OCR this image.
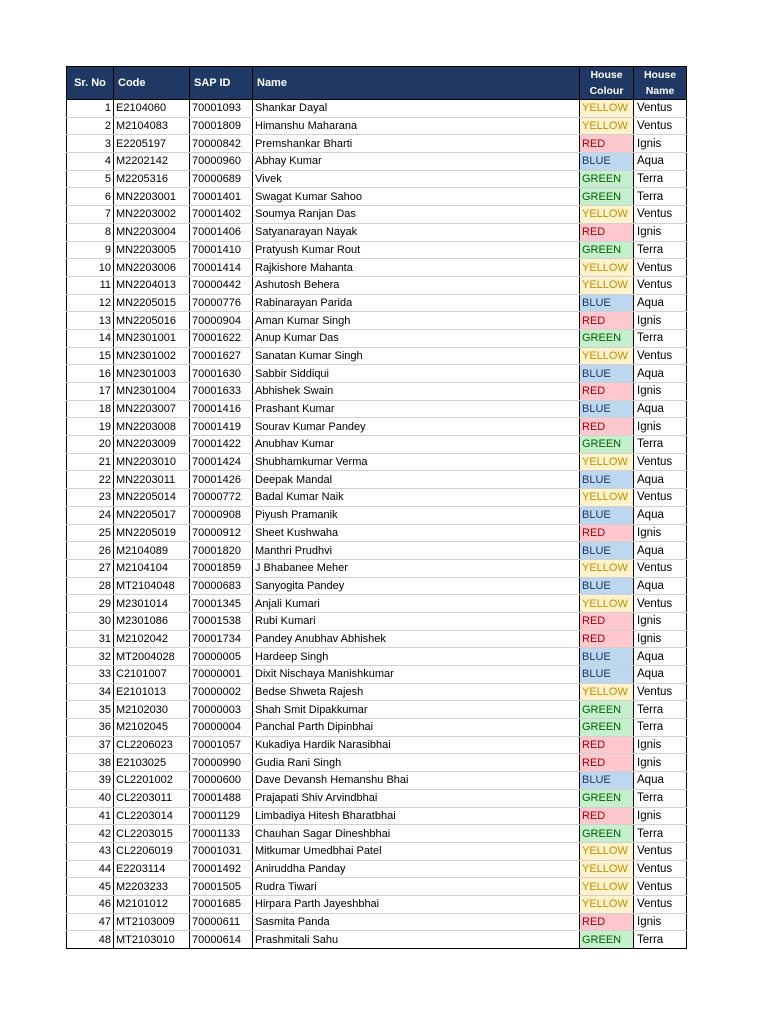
Sr. No	Code	SAP ID	Name	House Colour	House Name
1	E2104060	70001093	Shankar Dayal	YELLOW	Ventus
2	M2104083	70001809	Himanshu Maharana	YELLOW	Ventus
3	E2205197	70000842	Premshankar Bharti	RED	Ignis
4	M2202142	70000960	Abhay Kumar	BLUE	Aqua
5	M2205316	70000689	Vivek	GREEN	Terra
6	MN2203001	70001401	Swagat Kumar Sahoo	GREEN	Terra
7	MN2203002	70001402	Soumya Ranjan Das	YELLOW	Ventus
8	MN2203004	70001406	Satyanarayan Nayak	RED	Ignis
9	MN2203005	70001410	Pratyush Kumar Rout	GREEN	Terra
10	MN2203006	70001414	Rajkishore Mahanta	YELLOW	Ventus
11	MN2204013	70000442	Ashutosh Behera	YELLOW	Ventus
12	MN2205015	70000776	Rabinarayan Parida	BLUE	Aqua
13	MN2205016	70000904	Aman Kumar Singh	RED	Ignis
14	MN2301001	70001622	Anup Kumar Das	GREEN	Terra
15	MN2301002	70001627	Sanatan Kumar Singh	YELLOW	Ventus
16	MN2301003	70001630	Sabbir Siddiqui	BLUE	Aqua
17	MN2301004	70001633	Abhishek Swain	RED	Ignis
18	MN2203007	70001416	Prashant Kumar	BLUE	Aqua
19	MN2203008	70001419	Sourav Kumar Pandey	RED	Ignis
20	MN2203009	70001422	Anubhav Kumar	GREEN	Terra
21	MN2203010	70001424	Shubhamkumar Verma	YELLOW	Ventus
22	MN2203011	70001426	Deepak Mandal	BLUE	Aqua
23	MN2205014	70000772	Badal Kumar Naik	YELLOW	Ventus
24	MN2205017	70000908	Piyush Pramanik	BLUE	Aqua
25	MN2205019	70000912	Sheet Kushwaha	RED	Ignis
26	M2104089	70001820	Manthri Prudhvi	BLUE	Aqua
27	M2104104	70001859	J Bhabanee Meher	YELLOW	Ventus
28	MT2104048	70000683	Sanyogita Pandey	BLUE	Aqua
29	M2301014	70001345	Anjali Kumari	YELLOW	Ventus
30	M2301086	70001538	Rubi Kumari	RED	Ignis
31	M2102042	70001734	Pandey Anubhav Abhishek	RED	Ignis
32	MT2004028	70000005	Hardeep Singh	BLUE	Aqua
33	C2101007	70000001	Dixit Nischaya Manishkumar	BLUE	Aqua
34	E2101013	70000002	Bedse Shweta Rajesh	YELLOW	Ventus
35	M2102030	70000003	Shah Smit Dipakkumar	GREEN	Terra
36	M2102045	70000004	Panchal Parth Dipinbhai	GREEN	Terra
37	CL2206023	70001057	Kukadiya Hardik Narasibhai	RED	Ignis
38	E2103025	70000990	Gudia Rani Singh	RED	Ignis
39	CL2201002	70000600	Dave Devansh Hemanshu Bhai	BLUE	Aqua
40	CL2203011	70001488	Prajapati Shiv Arvindbhai	GREEN	Terra
41	CL2203014	70001129	Limbadiya Hitesh Bharatbhai	RED	Ignis
42	CL2203015	70001133	Chauhan Sagar Dineshbhai	GREEN	Terra
43	CL2206019	70001031	Mitkumar Umedbhai Patel	YELLOW	Ventus
44	E2203114	70001492	Aniruddha Panday	YELLOW	Ventus
45	M2203233	70001505	Rudra Tiwari	YELLOW	Ventus
46	M2101012	70001685	Hirpara Parth Jayeshbhai	YELLOW	Ventus
47	MT2103009	70000611	Sasmita Panda	RED	Ignis
48	MT2103010	70000614	Prashmitali Sahu	GREEN	Terra
